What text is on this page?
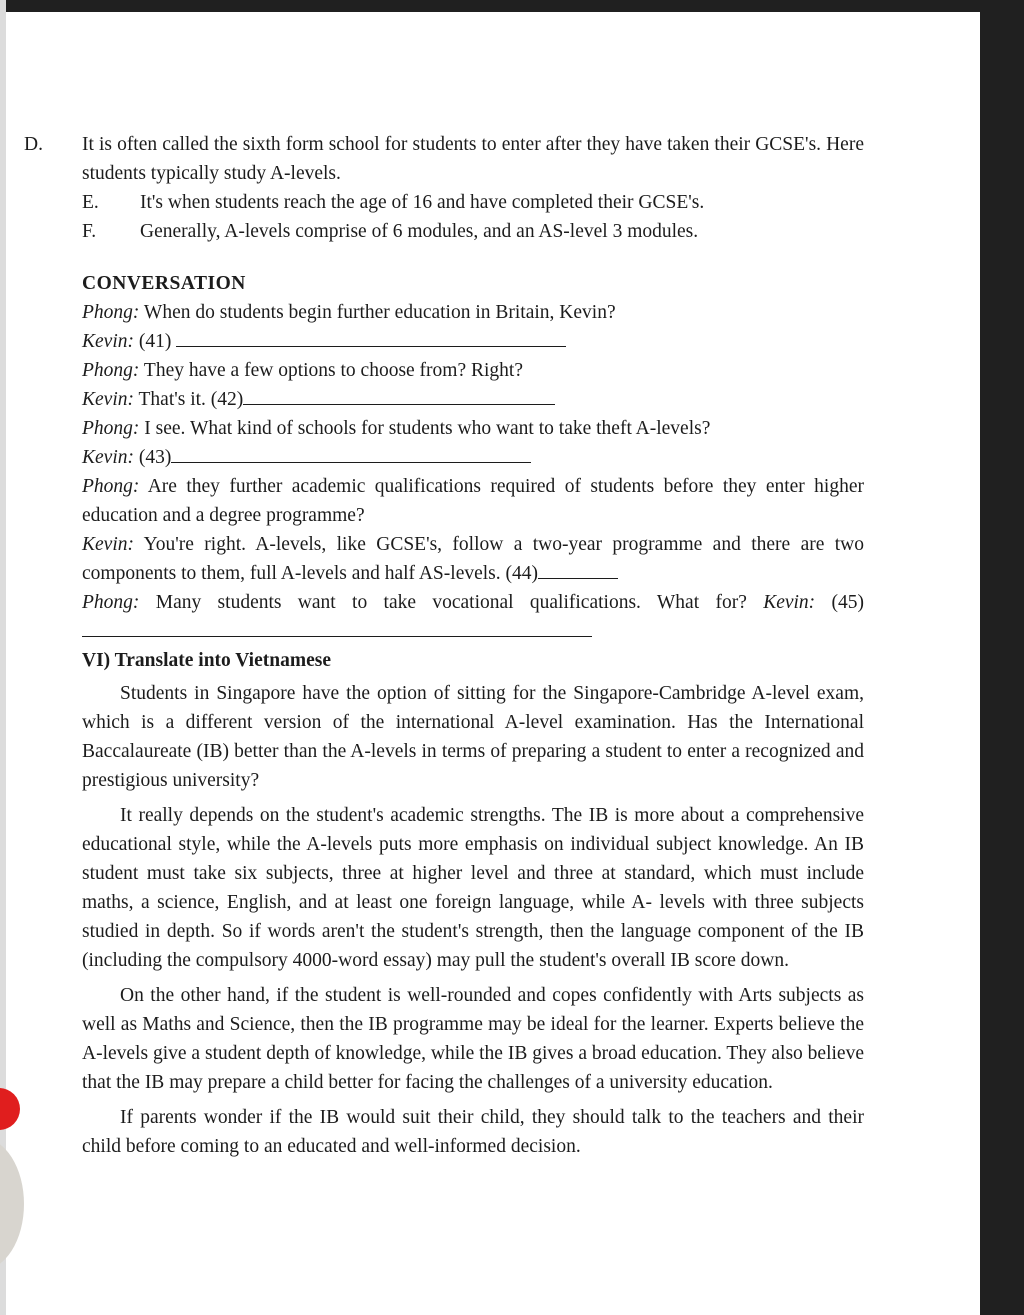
D. It is often called the sixth form school for students to enter after they have taken their GCSE's. Here students typically study A-levels.
E.	It's when students reach the age of 16 and have completed their GCSE's.
F.	Generally, A-levels comprise of 6 modules, and an AS-level 3 modules.
CONVERSATION
Phong: When do students begin further education in Britain, Kevin?
Kevin: (41)
Phong: They have a few options to choose from? Right?
Kevin: That's it. (42)
Phong: I see. What kind of schools for students who want to take theft A-levels?
Kevin: (43)
Phong: Are they further academic qualifications required of students before they enter higher education and a degree programme?
Kevin: You're right. A-levels, like GCSE's, follow a two-year programme and there are two components to them, full A-levels and half AS-levels. (44)
Phong: Many students want to take vocational qualifications. What for? Kevin: (45)
VI) Translate into Vietnamese

Students in Singapore have the option of sitting for the Singapore-Cambridge A-level exam, which is a different version of the international A-level examination. Has the International Baccalaureate (IB) better than the A-levels in terms of preparing a student to enter a recognized and prestigious university?

It really depends on the student's academic strengths. The IB is more about a comprehensive educational style, while the A-levels puts more emphasis on individual subject knowledge. An IB student must take six subjects, three at higher level and three at standard, which must include maths, a science, English, and at least one foreign language, while A- levels with three subjects studied in depth. So if words aren't the student's strength, then the language component of the IB (including the compulsory 4000-word essay) may pull the student's overall IB score down.

On the other hand, if the student is well-rounded and copes confidently with Arts subjects as well as Maths and Science, then the IB programme may be ideal for the learner. Experts believe the A-levels give a student depth of knowledge, while the IB gives a broad education. They also believe that the IB may prepare a child better for facing the challenges of a university education.

If parents wonder if the IB would suit their child, they should talk to the teachers and their child before coming to an educated and well-informed decision.
